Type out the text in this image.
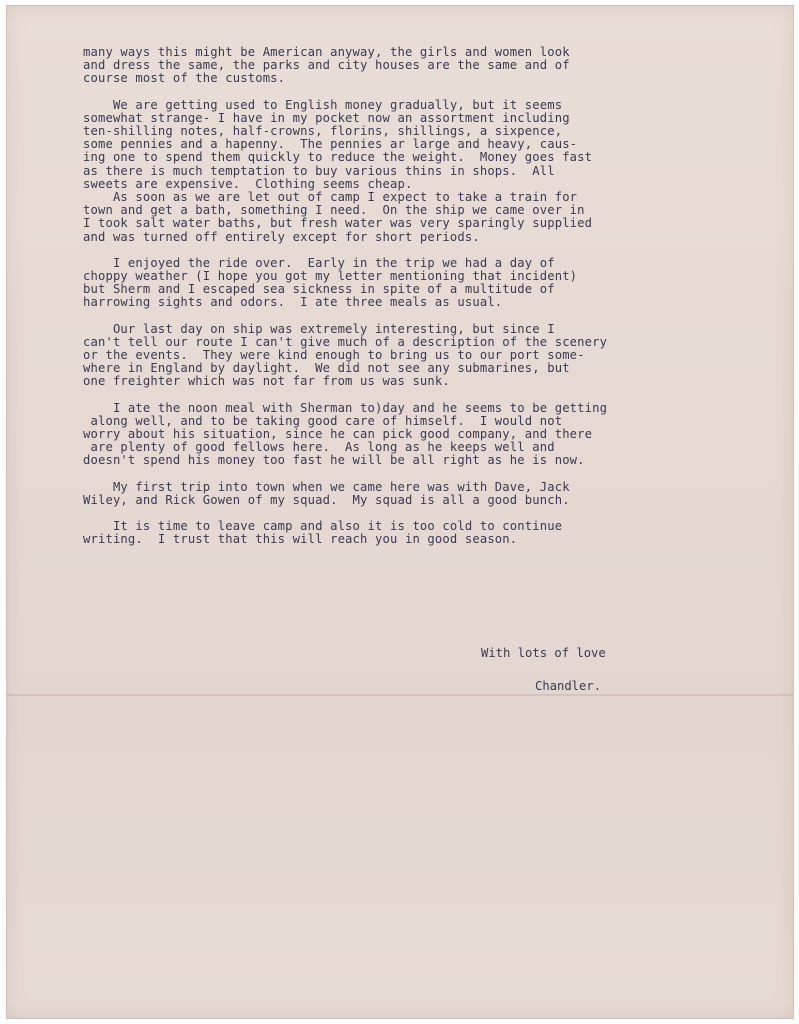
many ways this might be American anyway, the girls and women look
and dress the same, the parks and city houses are the same and of
course most of the customs.
We are getting used to English money gradually, but it seems
somewhat strange- I have in my pocket now an assortment including
ten-shilling notes, half-crowns, florins, shillings, a sixpence,
some pennies and a hapenny.  The pennies ar large and heavy, caus-
ing one to spend them quickly to reduce the weight.  Money goes fast
as there is much temptation to buy various thins in shops.  All
sweets are expensive.  Clothing seems cheap.
As soon as we are let out of camp I expect to take a train for
town and get a bath, something I need.  On the ship we came over in
I took salt water baths, but fresh water was very sparingly supplied
and was turned off entirely except for short periods.
I enjoyed the ride over.  Early in the trip we had a day of
choppy weather (I hope you got my letter mentioning that incident)
but Sherm and I escaped sea sickness in spite of a multitude of
harrowing sights and odors.  I ate three meals as usual.
Our last day on ship was extremely interesting, but since I
can't tell our route I can't give much of a description of the scenery
or the events.  They were kind enough to bring us to our port some-
where in England by daylight.  We did not see any submarines, but
one freighter which was not far from us was sunk.
I ate the noon meal with Sherman to)day and he seems to be getting
along well, and to be taking good care of himself.  I would not
worry about his situation, since he can pick good company, and there
are plenty of good fellows here.  As long as he keeps well and
doesn't spend his money too fast he will be all right as he is now.
My first trip into town when we came here was with Dave, Jack
Wiley, and Rick Gowen of my squad.  My squad is all a good bunch.
It is time to leave camp and also it is too cold to continue
writing.  I trust that this will reach you in good season.
With lots of love
Chandler.
